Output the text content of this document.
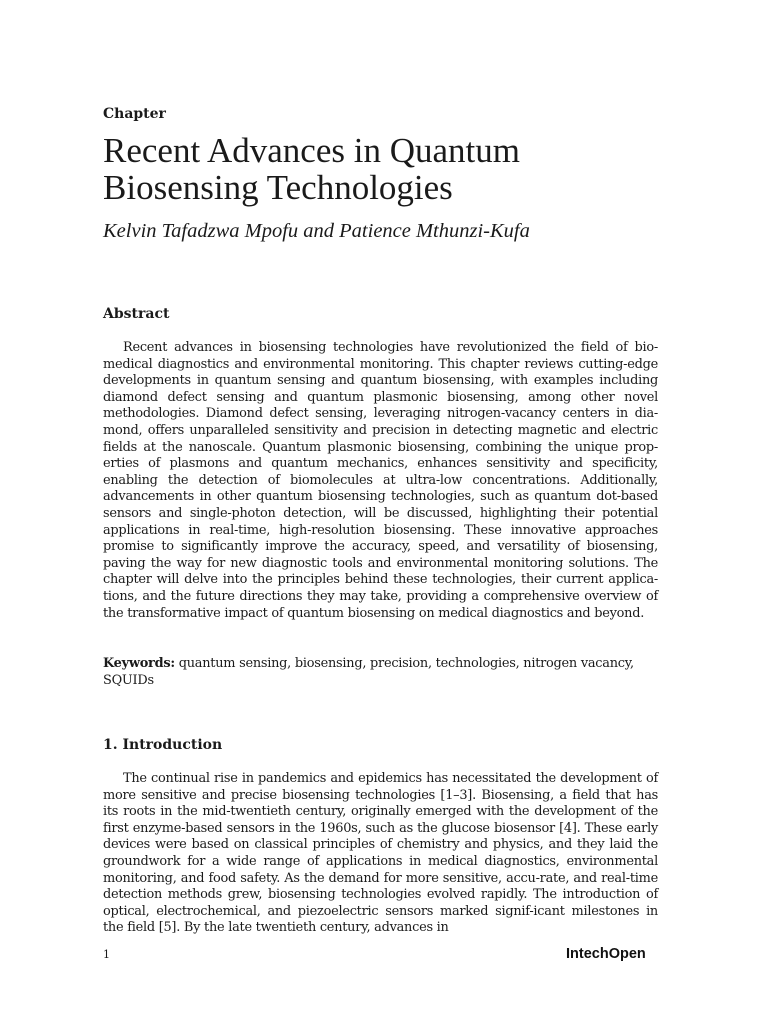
Chapter
Recent Advances in Quantum Biosensing Technologies
Kelvin Tafadzwa Mpofu and Patience Mthunzi-Kufa
Abstract

Recent advances in biosensing technologies have revolutionized the field of bio-medical diagnostics and environmental monitoring. This chapter reviews cutting-edge developments in quantum sensing and quantum biosensing, with examples including diamond defect sensing and quantum plasmonic biosensing, among other novel methodologies. Diamond defect sensing, leveraging nitrogen-vacancy centers in dia-mond, offers unparalleled sensitivity and precision in detecting magnetic and electric fields at the nanoscale. Quantum plasmonic biosensing, combining the unique prop-erties of plasmons and quantum mechanics, enhances sensitivity and specificity, enabling the detection of biomolecules at ultra-low concentrations. Additionally, advancements in other quantum biosensing technologies, such as quantum dot-based sensors and single-photon detection, will be discussed, highlighting their potential applications in real-time, high-resolution biosensing. These innovative approaches promise to significantly improve the accuracy, speed, and versatility of biosensing, paving the way for new diagnostic tools and environmental monitoring solutions. The chapter will delve into the principles behind these technologies, their current applica-tions, and the future directions they may take, providing a comprehensive overview of the transformative impact of quantum biosensing on medical diagnostics and beyond.

Keywords: quantum sensing, biosensing, precision, technologies, nitrogen vacancy, SQUIDs

1. Introduction

The continual rise in pandemics and epidemics has necessitated the development of more sensitive and precise biosensing technologies [1–3]. Biosensing, a field that has its roots in the mid-twentieth century, originally emerged with the development of the first enzyme-based sensors in the 1960s, such as the glucose biosensor [4]. These early devices were based on classical principles of chemistry and physics, and they laid the groundwork for a wide range of applications in medical diagnostics, environmental monitoring, and food safety. As the demand for more sensitive, accu-rate, and real-time detection methods grew, biosensing technologies evolved rapidly. The introduction of optical, electrochemical, and piezoelectric sensors marked signif-icant milestones in the field [5]. By the late twentieth century, advances in

1	IntechOpen
